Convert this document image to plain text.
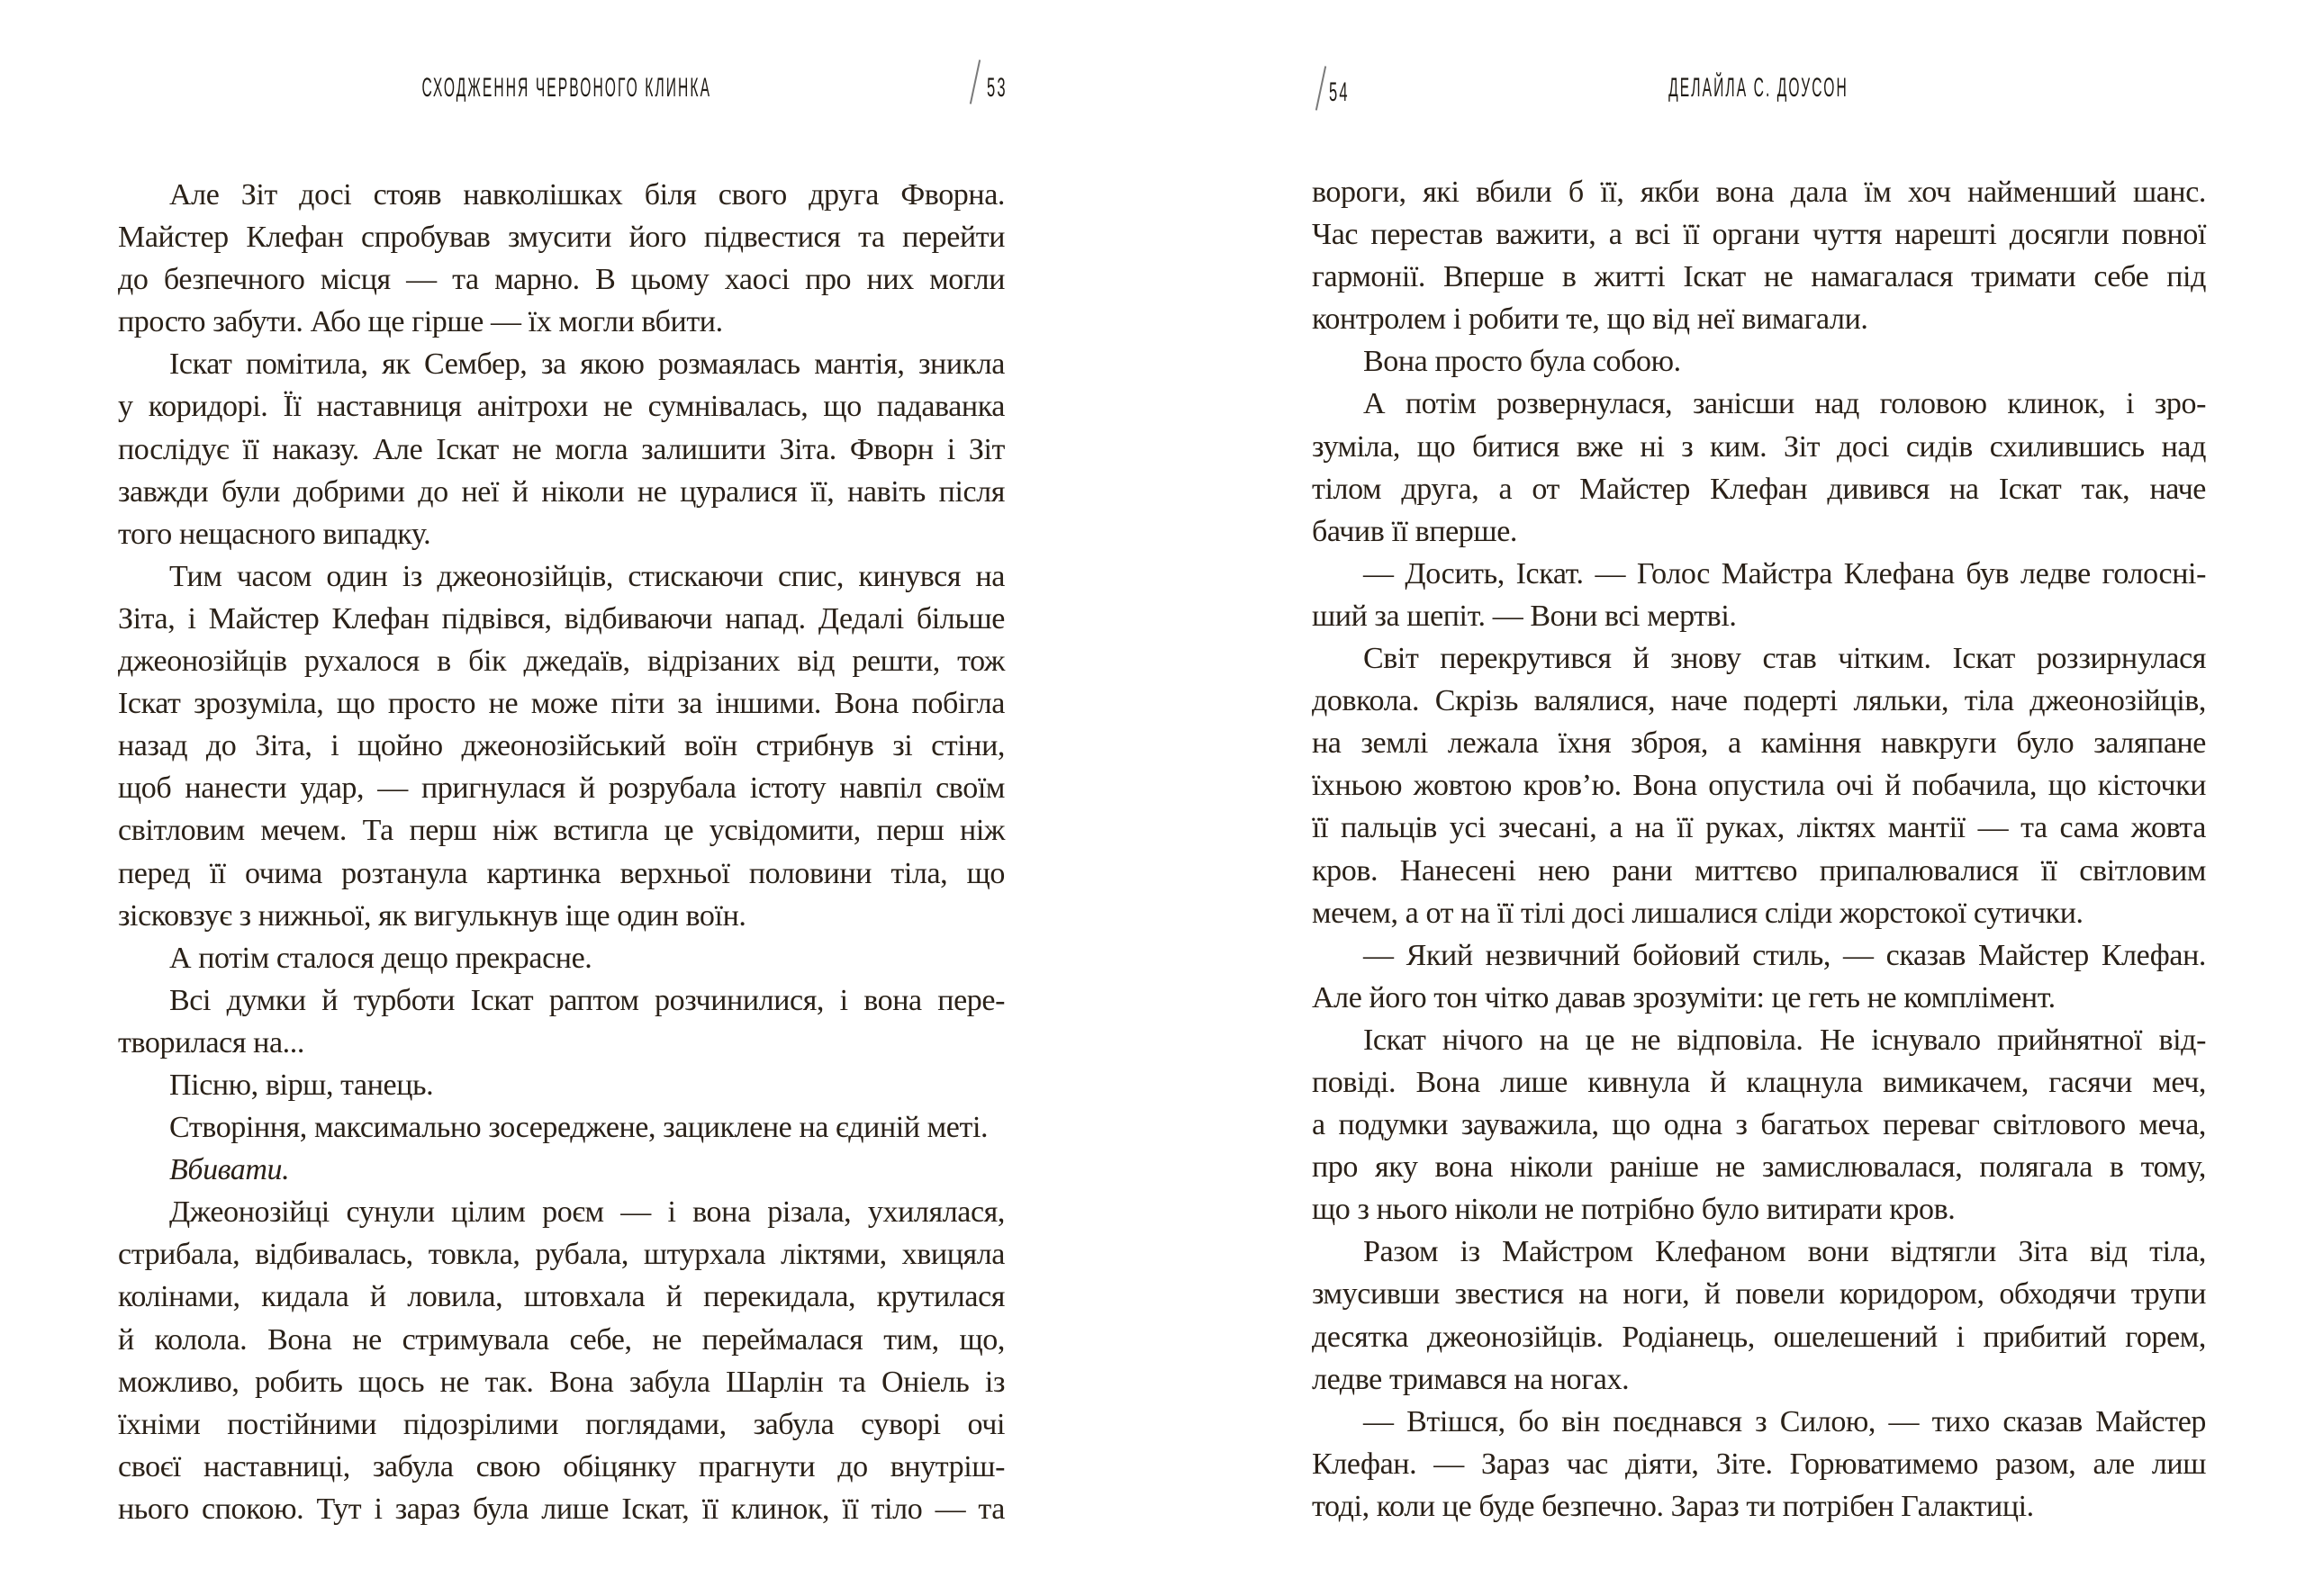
СХОДЖЕННЯ ЧЕРВОНОГО КЛИНКА	53	54	ДЕЛАЙЛА С. ДОУСОН
Але Зіт досі стояв навколішках біля свого друга Фворна.
Майстер Клефан спробував змусити його підвестися та перейти
до безпечного місця — та марно. В цьому хаосі про них могли
просто забути. Або ще гірше — їх могли вбити.
Іскат помітила, як Сембер, за якою розмаялась мантія, зникла
у коридорі. Її наставниця анітрохи не сумнівалась, що падаванка
послідує її наказу. Але Іскат не могла залишити Зіта. Фворн і Зіт
завжди були добрими до неї й ніколи не цуралися її, навіть після
того нещасного випадку.
Тим часом один із джеонозійців, стискаючи спис, кинувся на
Зіта, і Майстер Клефан підвівся, відбиваючи напад. Дедалі більше
джеонозійців рухалося в бік джедаїв, відрізаних від решти, тож
Іскат зрозуміла, що просто не може піти за іншими. Вона побігла
назад до Зіта, і щойно джеонозійський воїн стрибнув зі стіни,
щоб нанести удар, — пригнулася й розрубала істоту навпіл своїм
світловим мечем. Та перш ніж встигла це усвідомити, перш ніж
перед її очима розтанула картинка верхньої половини тіла, що
зісковзує з нижньої, як вигулькнув іще один воїн.
А потім сталося дещо прекрасне.
Всі думки й турботи Іскат раптом розчинилися, і вона пере-
творилася на...
Пісню, вірш, танець.
Створіння, максимально зосереджене, зациклене на єдиній меті.
Вбивати.
Джеонозійці сунули цілим роєм — і вона різала, ухилялася,
стрибала, відбивалась, товкла, рубала, штурхала ліктями, хвицяла
колінами, кидала й ловила, штовхала й перекидала, крутилася
й колола. Вона не стримувала себе, не переймалася тим, що,
можливо, робить щось не так. Вона забула Шарлін та Оніель із
їхніми постійними підозрілими поглядами, забула суворі очі
своєї наставниці, забула свою обіцянку прагнути до внутріш-
нього спокою. Тут і зараз була лише Іскат, її клинок, її тіло — та
вороги, які вбили б її, якби вона дала їм хоч найменший шанс.
Час перестав важити, а всі її органи чуття нарешті досягли повної
гармонії. Вперше в житті Іскат не намагалася тримати себе під
контролем і робити те, що від неї вимагали.
Вона просто була собою.
А потім розвернулася, занісши над головою клинок, і зро-
зуміла, що битися вже ні з ким. Зіт досі сидів схилившись над
тілом друга, а от Майстер Клефан дивився на Іскат так, наче
бачив її вперше.
— Досить, Іскат. — Голос Майстра Клефана був ледве голосні-
ший за шепіт. — Вони всі мертві.
Світ перекрутився й знову став чітким. Іскат роззирнулася
довкола. Скрізь валялися, наче подерті ляльки, тіла джеонозійців,
на землі лежала їхня зброя, а каміння навкруги було заляпане
їхньою жовтою кров’ю. Вона опустила очі й побачила, що кісточки
її пальців усі зчесані, а на її руках, ліктях мантії — та сама жовта
кров. Нанесені нею рани миттєво припалювалися її світловим
мечем, а от на її тілі досі лишалися сліди жорстокої сутички.
— Який незвичний бойовий стиль, — сказав Майстер Клефан.
Але його тон чітко давав зрозуміти: це геть не комплімент.
Іскат нічого на це не відповіла. Не існувало прийнятної від-
повіді. Вона лише кивнула й клацнула вимикачем, гасячи меч,
а подумки зауважила, що одна з багатьох переваг світлового меча,
про яку вона ніколи раніше не замислювалася, полягала в тому,
що з нього ніколи не потрібно було витирати кров.
Разом із Майстром Клефаном вони відтягли Зіта від тіла,
змусивши звестися на ноги, й повели коридором, обходячи трупи
десятка джеонозійців. Родіанець, ошелешений і прибитий горем,
ледве тримався на ногах.
— Втішся, бо він поєднався з Силою, — тихо сказав Майстер
Клефан. — Зараз час діяти, Зіте. Горюватимемо разом, але лиш
тоді, коли це буде безпечно. Зараз ти потрібен Галактиці.
